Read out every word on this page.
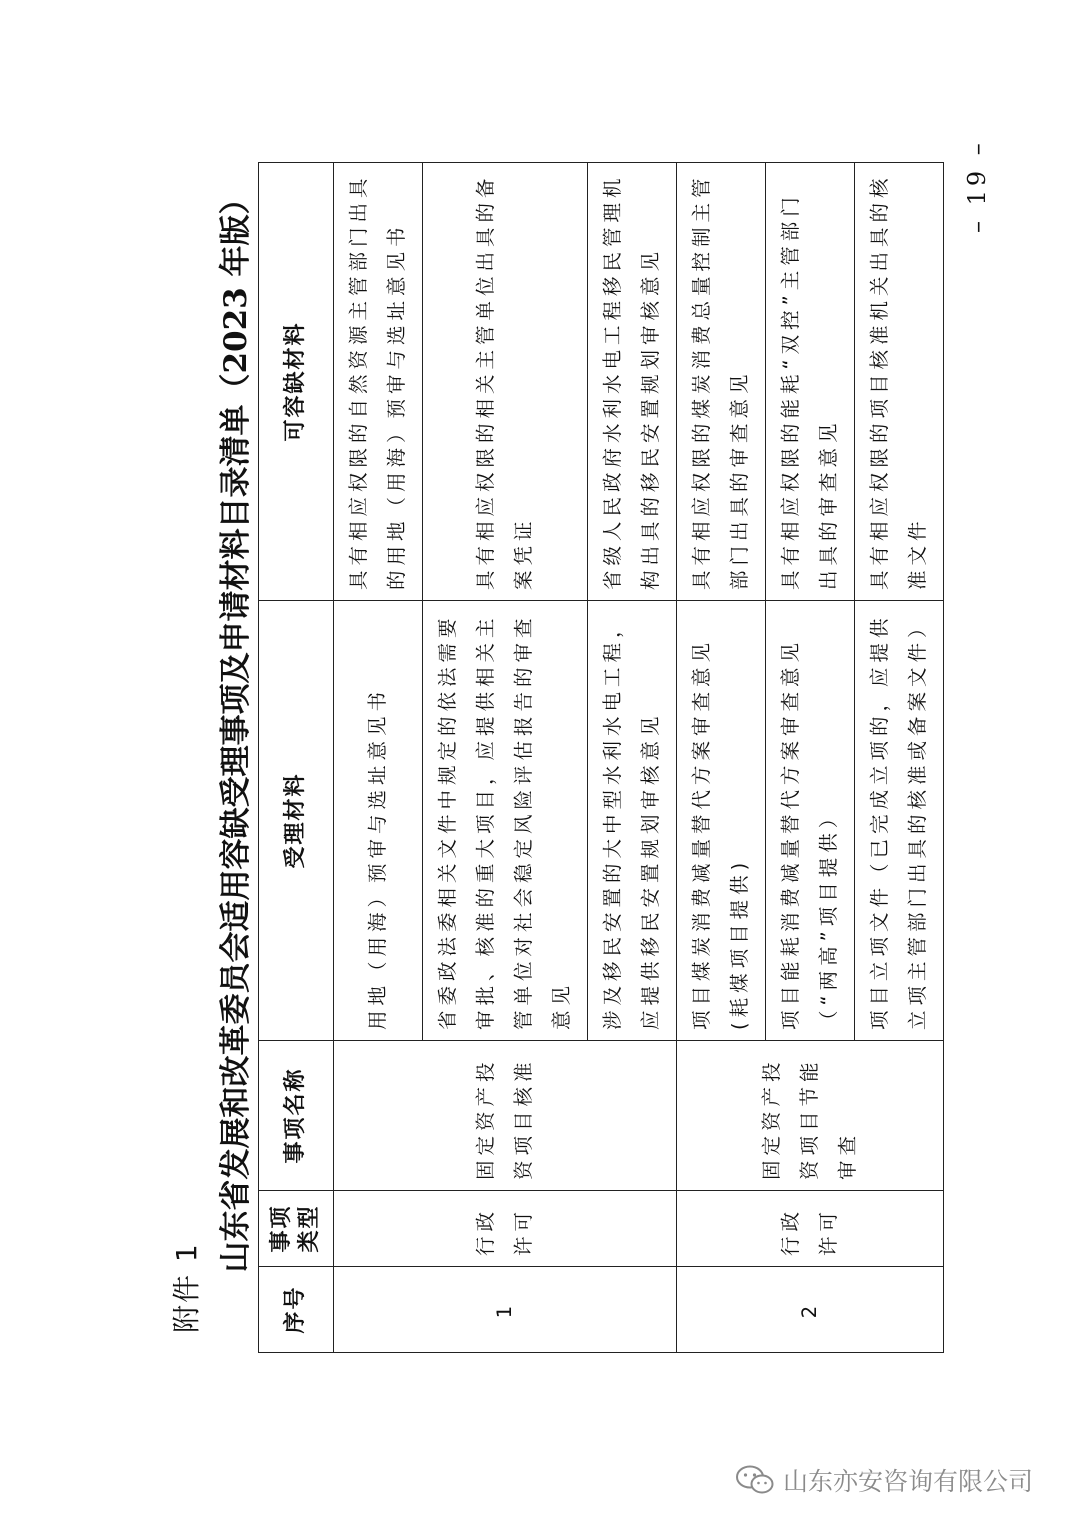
附件 1
山东省发展和改革委员会适用容缺受理事项及申请材料目录清单（2023 年版）
序号	事项类型	事项名称	受理材料	可容缺材料
1	行政许可	固定资产投资项目核准	用地（用海）预审与选址意见书	具有相应权限的自然资源主管部门出具的用地（用海）预审与选址意见书
			省委政法委相关文件中规定的依法需要审批、核准的重大项目，应提供相关主管单位对社会稳定风险评估报告的审查意见	具有相应权限的相关主管单位出具的备案凭证
			涉及移民安置的大中型水利水电工程，应提供移民安置规划审核意见	省级人民政府水利水电工程移民管理机构出具的移民安置规划审核意见
2	行政许可	固定资产投资项目节能审查	项目煤炭消费减量替代方案审查意见(耗煤项目提供)	具有相应权限的煤炭消费总量控制主管部门出具的审查意见
			项目能耗消费减量替代方案审查意见（“两高”项目提供）	具有相应权限的能耗“双控”主管部门出具的审查意见
			项目立项文件（已完成立项的，应提供立项主管部门出具的核准或备案文件）	具有相应权限的项目核准机关出具的核准文件
– 19 –
山东亦安咨询有限公司
